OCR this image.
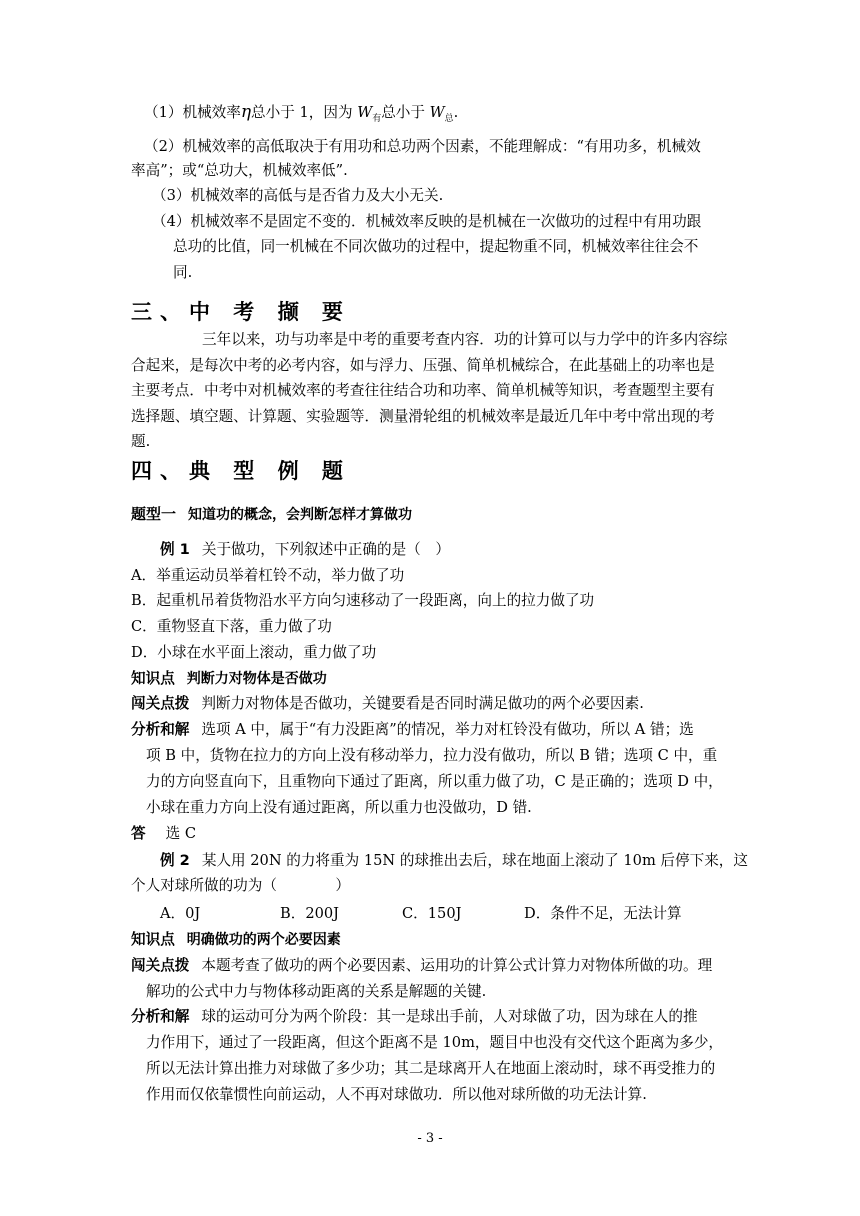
（1）机械效率η总小于 1，因为 $W_有$总小于 $W_总$.
（2）机械效率的高低取决于有用功和总功两个因素，不能理解成：“有用功多，机械效
率高”；或“总功大，机械效率低”.
（3）机械效率的高低与是否省力及大小无关.
（4）机械效率不是固定不变的．机械效率反映的是机械在一次做功的过程中有用功跟
总功的比值，同一机械在不同次做功的过程中，提起物重不同，机械效率往往会不
同.
三、中 考 撷 要
三年以来，功与功率是中考的重要考查内容．功的计算可以与力学中的许多内容综
合起来，是每次中考的必考内容，如与浮力、压强、简单机械综合，在此基础上的功率也是
主要考点．中考中对机械效率的考查往往结合功和功率、简单机械等知识，考查题型主要有
选择题、填空题、计算题、实验题等．测量滑轮组的机械效率是最近几年中考中常出现的考
题.
四、典 型 例 题
题型一 知道功的概念，会判断怎样才算做功
例 1 关于做功，下列叙述中正确的是（　）
A．举重运动员举着杠铃不动，举力做了功
B．起重机吊着货物沿水平方向匀速移动了一段距离，向上的拉力做了功
C．重物竖直下落，重力做了功
D．小球在水平面上滚动，重力做了功
知识点 判断力对物体是否做功
闯关点拨 判断力对物体是否做功，关键要看是否同时满足做功的两个必要因素.
分析和解 选项 A 中，属于“有力没距离”的情况，举力对杠铃没有做功，所以 A 错；选
项 B 中，货物在拉力的方向上没有移动举力，拉力没有做功，所以 B 错；选项 C 中，重
力的方向竖直向下，且重物向下通过了距离，所以重力做了功，C 是正确的；选项 D 中，
小球在重力方向上没有通过距离，所以重力也没做功，D 错.
答 选 C
例 2 某人用 20N 的力将重为 15N 的球推出去后，球在地面上滚动了 10m 后停下来，这
个人对球所做的功为（　　　　）
A．0J	B．200J	C．150J	D．条件不足，无法计算
知识点 明确做功的两个必要因素
闯关点拨 本题考查了做功的两个必要因素、运用功的计算公式计算力对物体所做的功。理
解功的公式中力与物体移动距离的关系是解题的关键.
分析和解 球的运动可分为两个阶段：其一是球出手前，人对球做了功，因为球在人的推
力作用下，通过了一段距离，但这个距离不是 10m，题目中也没有交代这个距离为多少，
所以无法计算出推力对球做了多少功；其二是球离开人在地面上滚动时，球不再受推力的
作用而仅依靠惯性向前运动，人不再对球做功．所以他对球所做的功无法计算.
- 3 -
